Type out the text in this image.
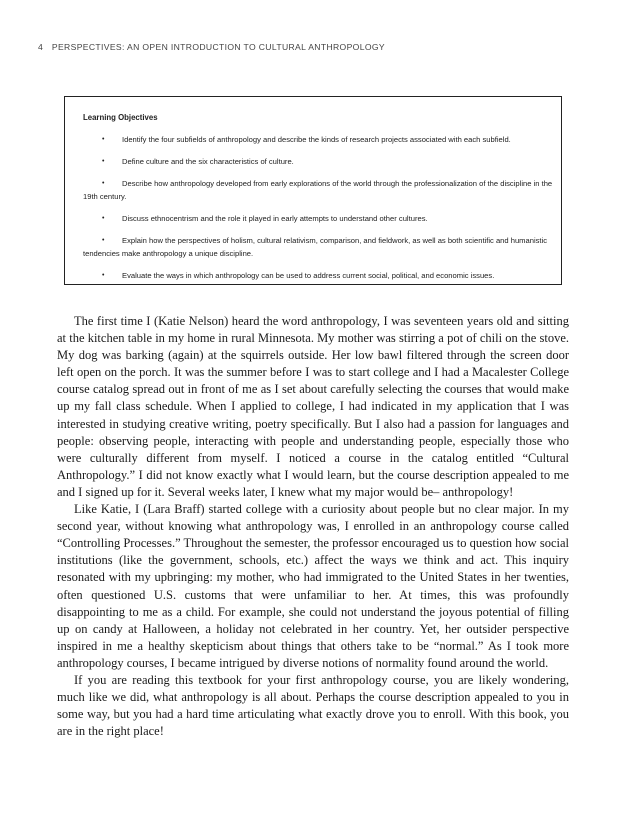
4 PERSPECTIVES: AN OPEN INTRODUCTION TO CULTURAL ANTHROPOLOGY
Learning Objectives
•	Identify the four subfields of anthropology and describe the kinds of research projects associated with each subfield.
•	Define culture and the six characteristics of culture.
•	Describe how anthropology developed from early explorations of the world through the professionalization of the discipline in the 19th century.
•	Discuss ethnocentrism and the role it played in early attempts to understand other cultures.
•	Explain how the perspectives of holism, cultural relativism, comparison, and fieldwork, as well as both scientific and humanistic tendencies make anthropology a unique discipline.
•	Evaluate the ways in which anthropology can be used to address current social, political, and economic issues.

The first time I (Katie Nelson) heard the word anthropology, I was seventeen years old and sitting at the kitchen table in my home in rural Minnesota. My mother was stirring a pot of chili on the stove. My dog was barking (again) at the squirrels outside. Her low bawl filtered through the screen door left open on the porch. It was the summer before I was to start college and I had a Macalester College course catalog spread out in front of me as I set about carefully selecting the courses that would make up my fall class schedule. When I applied to college, I had indicated in my application that I was interested in studying creative writing, poetry specifically. But I also had a passion for languages and people: observing people, interacting with people and understanding people, especially those who were culturally different from myself. I noticed a course in the catalog entitled “Cultural Anthropology.” I did not know exactly what I would learn, but the course description appealed to me and I signed up for it. Several weeks later, I knew what my major would be– anthropology!

Like Katie, I (Lara Braff) started college with a curiosity about people but no clear major. In my second year, without knowing what anthropology was, I enrolled in an anthropology course called “Controlling Processes.” Throughout the semester, the professor encouraged us to question how social institutions (like the government, schools, etc.) affect the ways we think and act. This inquiry resonated with my upbringing: my mother, who had immigrated to the United States in her twenties, often questioned U.S. customs that were unfamiliar to her. At times, this was profoundly disappointing to me as a child. For example, she could not understand the joyous potential of filling up on candy at Halloween, a holiday not celebrated in her country. Yet, her outsider perspective inspired in me a healthy skepticism about things that others take to be “normal.” As I took more anthropology courses, I became intrigued by diverse notions of normality found around the world.

If you are reading this textbook for your first anthropology course, you are likely wondering, much like we did, what anthropology is all about. Perhaps the course description appealed to you in some way, but you had a hard time articulating what exactly drove you to enroll. With this book, you are in the right place!
